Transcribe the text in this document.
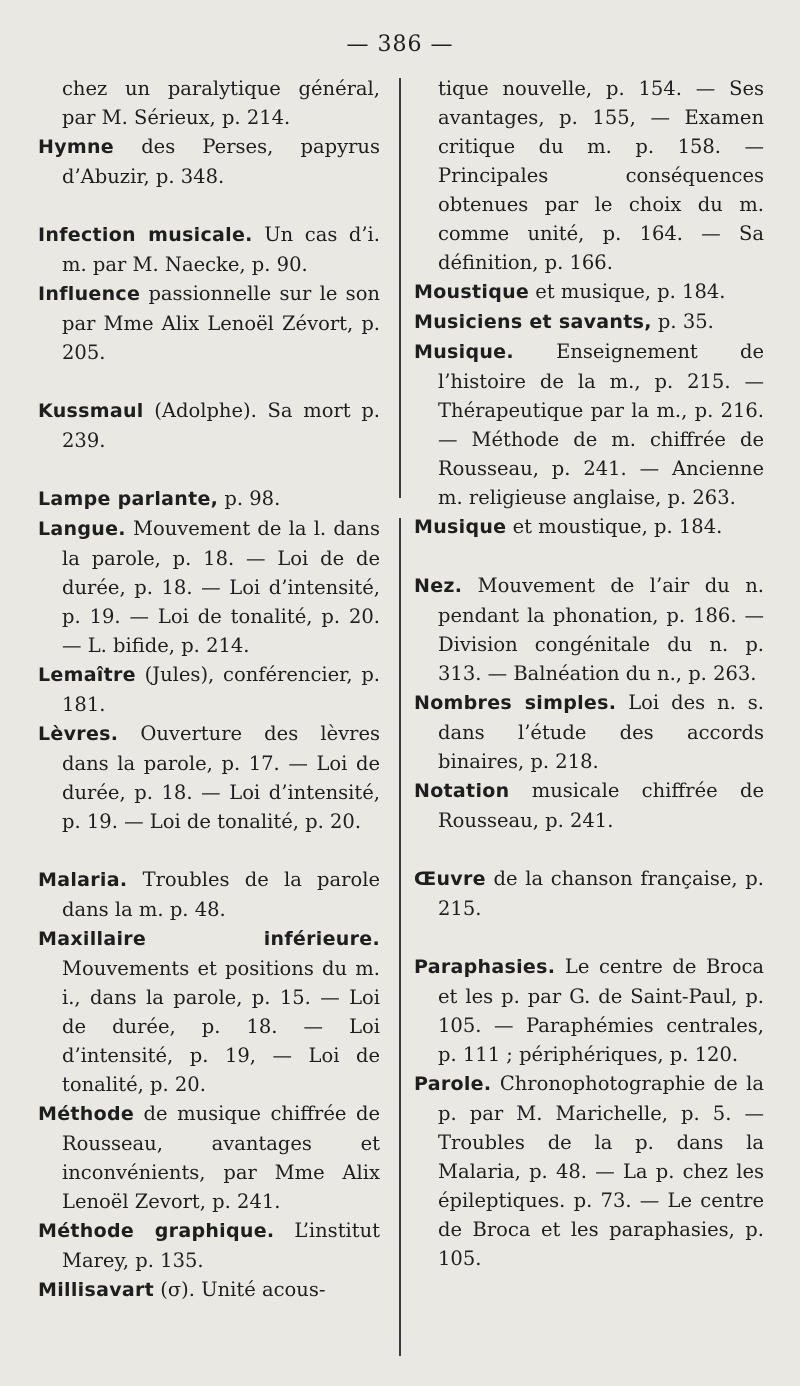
— 386 —

chez un paralytique général, par M. Sérieux, p. 214.

Hymne des Perses, papyrus d’Abuzir, p. 348.

Infection musicale. Un cas d’i. m. par M. Naecke, p. 90.

Influence passionnelle sur le son par Mme Alix Lenoël Zévort, p. 205.

Kussmaul (Adolphe). Sa mort p. 239.

Lampe parlante, p. 98.

Langue. Mouvement de la l. dans la parole, p. 18. — Loi de de durée, p. 18. — Loi d’intensité, p. 19. — Loi de tonalité, p. 20. — L. bifide, p. 214.

Lemaître (Jules), conférencier, p. 181.

Lèvres. Ouverture des lèvres dans la parole, p. 17. — Loi de durée, p. 18. — Loi d’intensité, p. 19. — Loi de tonalité, p. 20.

Malaria. Troubles de la parole dans la m. p. 48.

Maxillaire inférieure. Mouvements et positions du m. i., dans la parole, p. 15. — Loi de durée, p. 18. — Loi d’intensité, p. 19, — Loi de tonalité, p. 20.

Méthode de musique chiffrée de Rousseau, avantages et inconvénients, par Mme Alix Lenoël Zevort, p. 241.

Méthode graphique. L’institut Marey, p. 135.

Millisavart (σ). Unité acous-

tique nouvelle, p. 154. — Ses avantages, p. 155, — Examen critique du m. p. 158. — Principales conséquences obtenues par le choix du m. comme unité, p. 164. — Sa définition, p. 166.

Moustique et musique, p. 184.

Musiciens et savants, p. 35.

Musique. Enseignement de l’histoire de la m., p. 215. — Thérapeutique par la m., p. 216. — Méthode de m. chiffrée de Rousseau, p. 241. — Ancienne m. religieuse anglaise, p. 263.

Musique et moustique, p. 184.

Nez. Mouvement de l’air du n. pendant la phonation, p. 186. — Division congénitale du n. p. 313. — Balnéation du n., p. 263.

Nombres simples. Loi des n. s. dans l’étude des accords binaires, p. 218.

Notation musicale chiffrée de Rousseau, p. 241.

Œuvre de la chanson française, p. 215.

Paraphasies. Le centre de Broca et les p. par G. de Saint-Paul, p. 105. — Paraphémies centrales, p. 111 ; périphériques, p. 120.

Parole. Chronophotographie de la p. par M. Marichelle, p. 5. — Troubles de la p. dans la Malaria, p. 48. — La p. chez les épileptiques. p. 73. — Le centre de Broca et les paraphasies, p. 105.
